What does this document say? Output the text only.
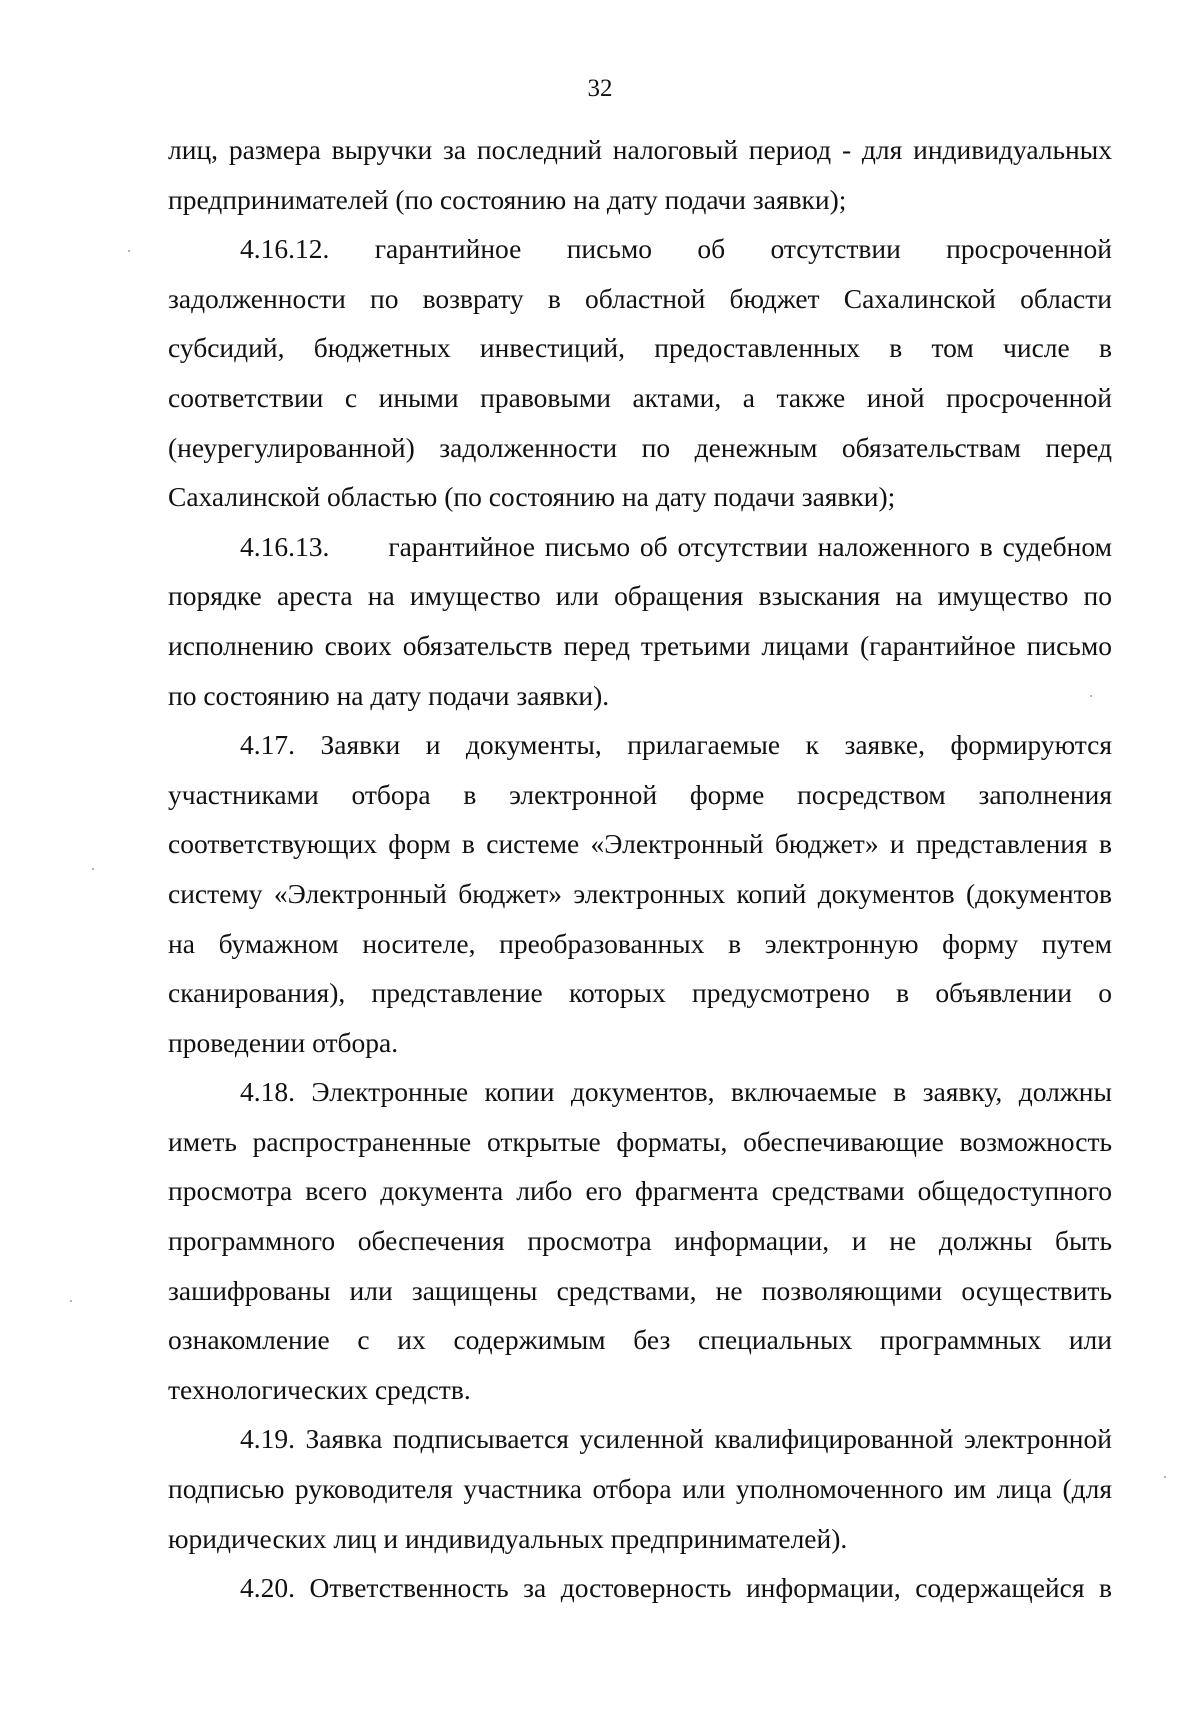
32
лиц, размера выручки за последний налоговый период - для индивидуальных
предпринимателей (по состоянию на дату подачи заявки);
4.16.12.      гарантийное      письмо      об      отсутствии      просроченной
задолженности по возврату в областной бюджет Сахалинской области
субсидий, бюджетных инвестиций, предоставленных в том числе в
соответствии с иными правовыми актами, а также иной просроченной
(неурегулированной) задолженности по денежным обязательствам перед
Сахалинской областью (по состоянию на дату подачи заявки);
4.16.13.      гарантийное письмо об отсутствии наложенного в судебном
порядке ареста на имущество или обращения взыскания на имущество по
исполнению своих обязательств перед третьими лицами (гарантийное письмо
по состоянию на дату подачи заявки).
4.17. Заявки и документы, прилагаемые к заявке, формируются
участниками отбора в электронной форме посредством заполнения
соответствующих форм в системе «Электронный бюджет» и представления в
систему «Электронный бюджет» электронных копий документов (документов
на бумажном носителе, преобразованных в электронную форму путем
сканирования), представление которых предусмотрено в объявлении о
проведении отбора.
4.18. Электронные копии документов, включаемые в заявку, должны
иметь распространенные открытые форматы, обеспечивающие возможность
просмотра всего документа либо его фрагмента средствами общедоступного
программного обеспечения просмотра информации, и не должны быть
зашифрованы или защищены средствами, не позволяющими осуществить
ознакомление с их содержимым без специальных программных или
технологических средств.
4.19. Заявка подписывается усиленной квалифицированной электронной
подписью руководителя участника отбора или уполномоченного им лица (для
юридических лиц и индивидуальных предпринимателей).
4.20. Ответственность за достоверность информации, содержащейся в
